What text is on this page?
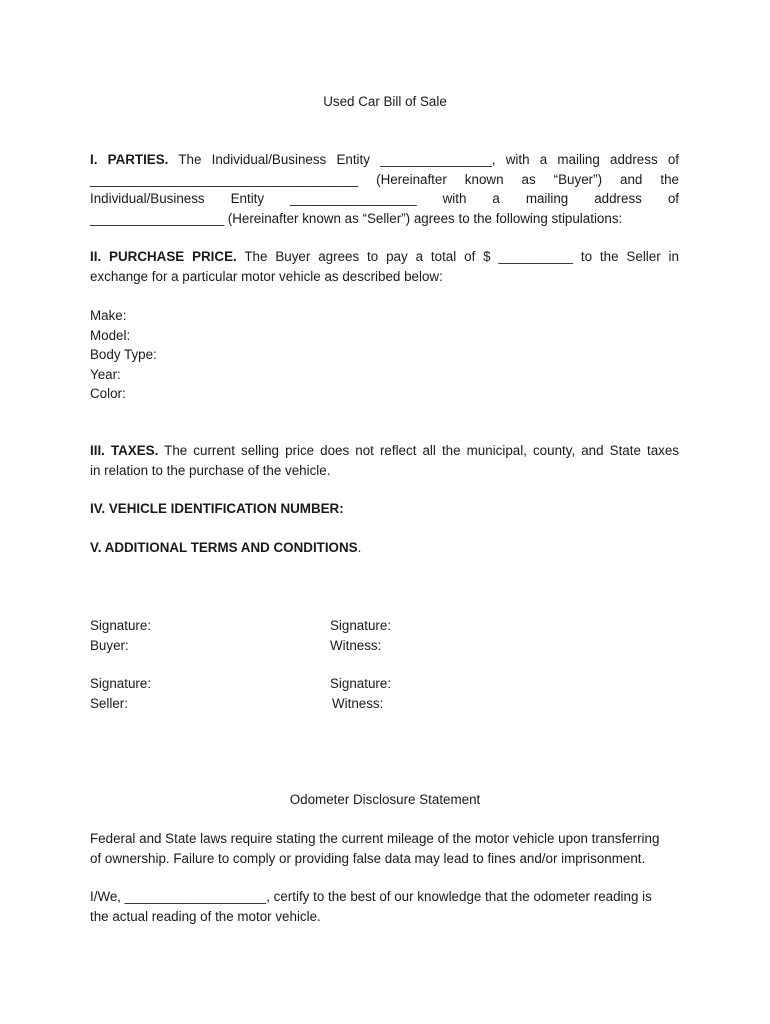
Used Car Bill of Sale
I. PARTIES. The Individual/Business Entity _______________, with a mailing address of
____________________________________ (Hereinafter known as “Buyer”) and the
Individual/Business Entity _________________ with a mailing address of
__________________ (Hereinafter known as “Seller”) agrees to the following stipulations:
II. PURCHASE PRICE. The Buyer agrees to pay a total of $ __________ to the Seller in
exchange for a particular motor vehicle as described below:
Make:
Model:
Body Type:
Year:
Color:
III. TAXES. The current selling price does not reflect all the municipal, county, and State taxes
in relation to the purchase of the vehicle.
IV. VEHICLE IDENTIFICATION NUMBER:
V. ADDITIONAL TERMS AND CONDITIONS.
Signature:
Buyer:
Signature:
Witness:
Signature:
Seller:
Signature:
Witness:
Odometer Disclosure Statement
Federal and State laws require stating the current mileage of the motor vehicle upon transferring
of ownership. Failure to comply or providing false data may lead to fines and/or imprisonment.
I/We, ___________________, certify to the best of our knowledge that the odometer reading is
the actual reading of the motor vehicle.
